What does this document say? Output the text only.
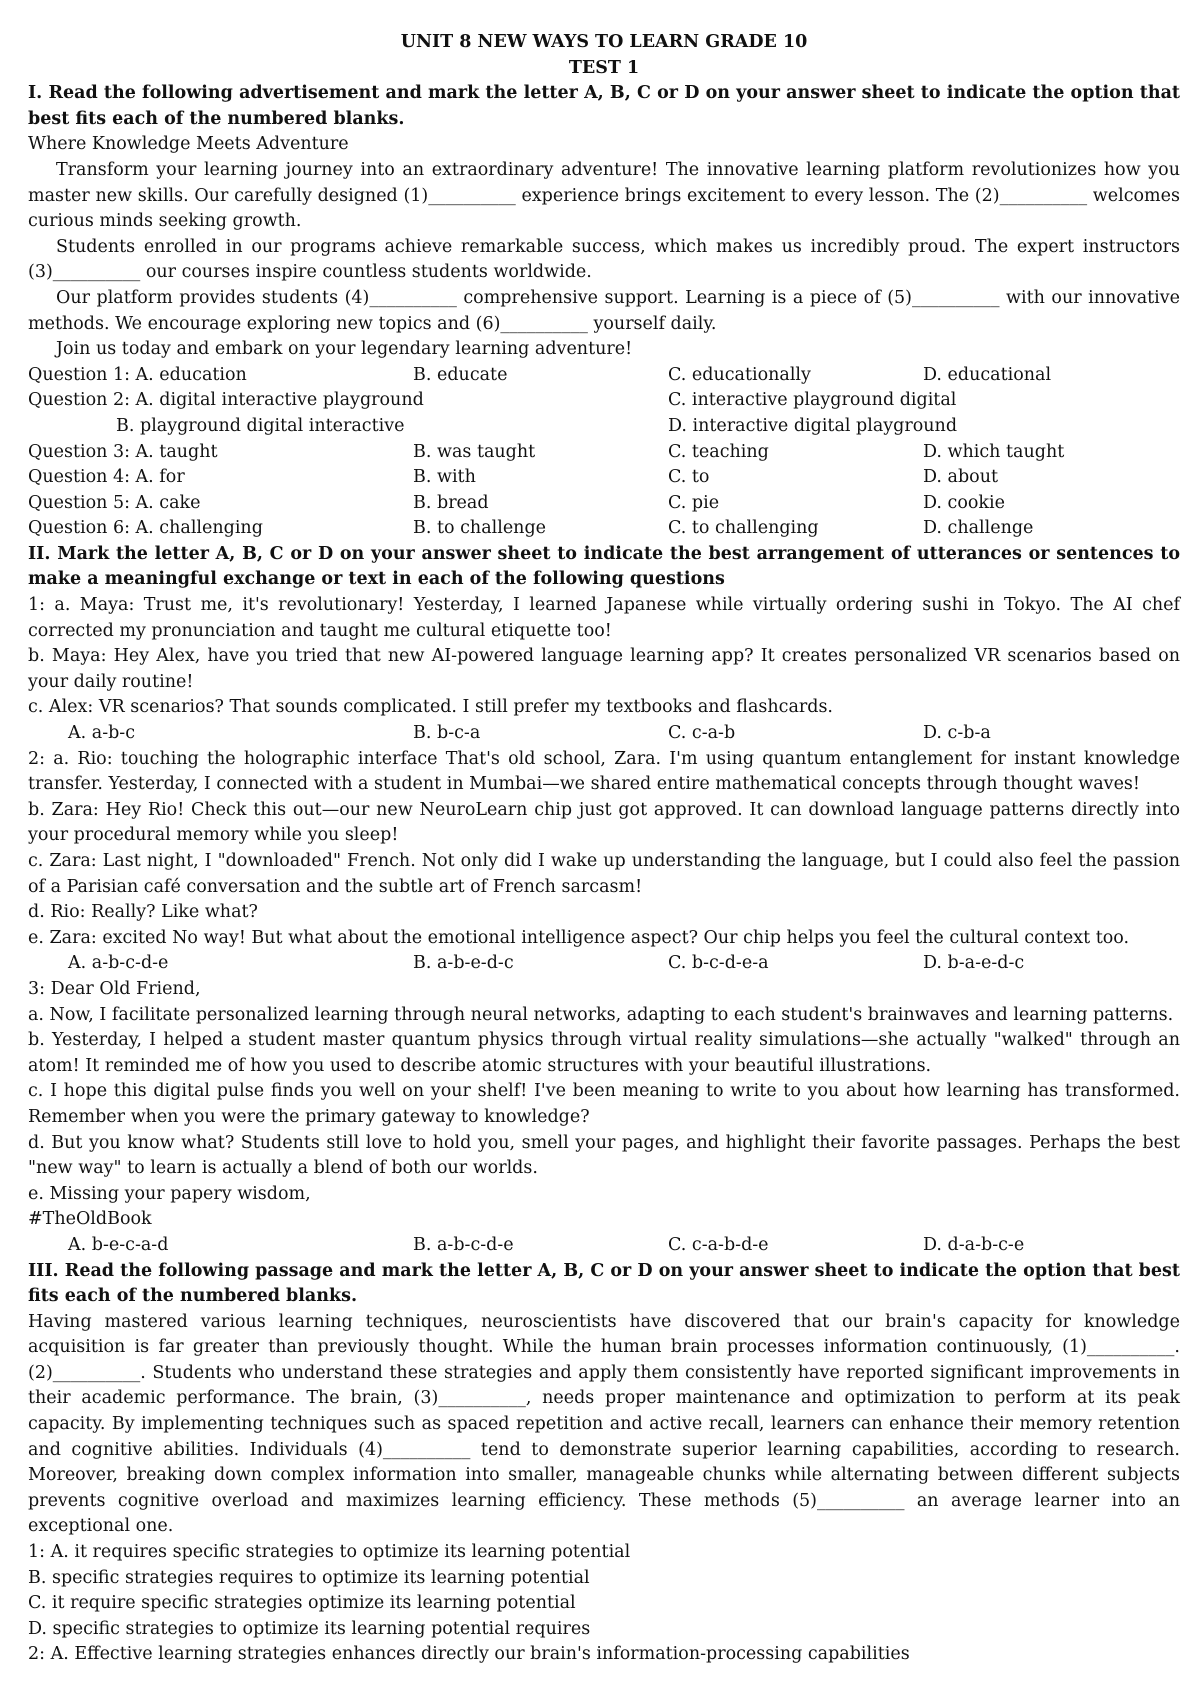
UNIT 8 NEW WAYS TO LEARN GRADE 10

TEST 1

I. Read the following advertisement and mark the letter A, B, C or D on your answer sheet to indicate the option that best fits each of the numbered blanks.

Where Knowledge Meets Adventure

Transform your learning journey into an extraordinary adventure! The innovative learning platform revolutionizes how you master new skills. Our carefully designed (1)__________ experience brings excitement to every lesson. The (2)__________ welcomes curious minds seeking growth.

Students enrolled in our programs achieve remarkable success, which makes us incredibly proud. The expert instructors (3)__________ our courses inspire countless students worldwide.

Our platform provides students (4)__________ comprehensive support. Learning is a piece of (5)__________ with our innovative methods. We encourage exploring new topics and (6)__________ yourself daily.

Join us today and embark on your legendary learning adventure!

Question 1: A. education	B. educate	C. educationally	D. educational
Question 2: A. digital interactive playground	C. interactive playground digital
B. playground digital interactive	D. interactive digital playground
Question 3: A. taught	B. was taught	C. teaching	D. which taught
Question 4: A. for	B. with	C. to	D. about
Question 5: A. cake	B. bread	C. pie	D. cookie
Question 6: A. challenging	B. to challenge	C. to challenging	D. challenge

II. Mark the letter A, B, C or D on your answer sheet to indicate the best arrangement of utterances or sentences to make a meaningful exchange or text in each of the following questions

1: a. Maya: Trust me, it's revolutionary! Yesterday, I learned Japanese while virtually ordering sushi in Tokyo. The AI chef corrected my pronunciation and taught me cultural etiquette too!

b. Maya: Hey Alex, have you tried that new AI-powered language learning app? It creates personalized VR scenarios based on your daily routine!

c. Alex: VR scenarios? That sounds complicated. I still prefer my textbooks and flashcards.

A. a-b-c	B. b-c-a	C. c-a-b	D. c-b-a

2: a. Rio: touching the holographic interface That's old school, Zara. I'm using quantum entanglement for instant knowledge transfer. Yesterday, I connected with a student in Mumbai—we shared entire mathematical concepts through thought waves!

b. Zara: Hey Rio! Check this out—our new NeuroLearn chip just got approved. It can download language patterns directly into your procedural memory while you sleep!

c. Zara: Last night, I "downloaded" French. Not only did I wake up understanding the language, but I could also feel the passion of a Parisian café conversation and the subtle art of French sarcasm!

d. Rio: Really? Like what?

e. Zara: excited No way! But what about the emotional intelligence aspect? Our chip helps you feel the cultural context too.

A. a-b-c-d-e	B. a-b-e-d-c	C. b-c-d-e-a	D. b-a-e-d-c

3: Dear Old Friend,

a. Now, I facilitate personalized learning through neural networks, adapting to each student's brainwaves and learning patterns.

b. Yesterday, I helped a student master quantum physics through virtual reality simulations—she actually "walked" through an atom! It reminded me of how you used to describe atomic structures with your beautiful illustrations.

c. I hope this digital pulse finds you well on your shelf! I've been meaning to write to you about how learning has transformed. Remember when you were the primary gateway to knowledge?

d. But you know what? Students still love to hold you, smell your pages, and highlight their favorite passages. Perhaps the best "new way" to learn is actually a blend of both our worlds.

e. Missing your papery wisdom,

#TheOldBook

A. b-e-c-a-d	B. a-b-c-d-e	C. c-a-b-d-e	D. d-a-b-c-e

III. Read the following passage and mark the letter A, B, C or D on your answer sheet to indicate the option that best fits each of the numbered blanks.

Having mastered various learning techniques, neuroscientists have discovered that our brain's capacity for knowledge acquisition is far greater than previously thought. While the human brain processes information continuously, (1)__________. (2)__________. Students who understand these strategies and apply them consistently have reported significant improvements in their academic performance. The brain, (3)__________, needs proper maintenance and optimization to perform at its peak capacity. By implementing techniques such as spaced repetition and active recall, learners can enhance their memory retention and cognitive abilities. Individuals (4)__________ tend to demonstrate superior learning capabilities, according to research. Moreover, breaking down complex information into smaller, manageable chunks while alternating between different subjects prevents cognitive overload and maximizes learning efficiency. These methods (5)__________ an average learner into an exceptional one.

1: A. it requires specific strategies to optimize its learning potential

B. specific strategies requires to optimize its learning potential

C. it require specific strategies optimize its learning potential

D. specific strategies to optimize its learning potential requires

2: A. Effective learning strategies enhances directly our brain's information-processing capabilities
